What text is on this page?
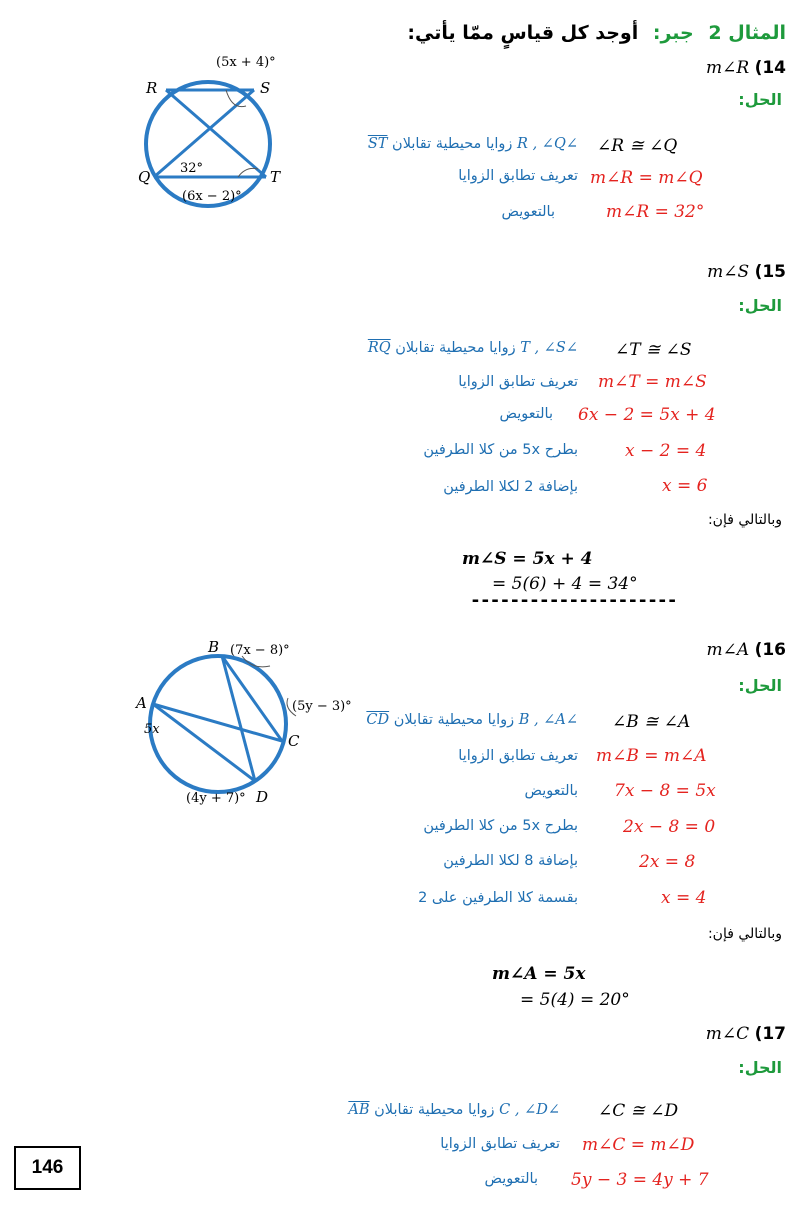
المثال 2 جبر: أوجد كل قياسٍ ممّا يأتي:
m∠R (14
الحل:
R	S
Q	T
(5x + 4)°
32°
(6x − 2)°
∠R ≅ ∠Q
∠R , ∠Q زوايا محيطية تقابلان ST
m∠R = m∠Q
تعريف تطابق الزوايا
m∠R = 32°
بالتعويض
m∠S (15
الحل:
∠T ≅ ∠S
∠T , ∠S زوايا محيطية تقابلان RQ
m∠T = m∠S
تعريف تطابق الزوايا
6x − 2 = 5x + 4
بالتعويض
x − 2 = 4
بطرح 5x من كلا الطرفين
x = 6
بإضافة 2 لكلا الطرفين
وبالتالي فإن:
m∠S = 5x + 4
= 5(6) + 4 = 34°
---------------------
m∠A (16
الحل:
B
A
C
D
(7x − 8)°
(5y − 3)°
5x
(4y + 7)°
∠B ≅ ∠A
∠B , ∠A زوايا محيطية تقابلان CD
m∠B = m∠A
تعريف تطابق الزوايا
7x − 8 = 5x
بالتعويض
2x − 8 = 0
بطرح 5x من كلا الطرفين
2x = 8
بإضافة 8 لكلا الطرفين
x = 4
بقسمة كلا الطرفين على 2
وبالتالي فإن:
m∠A = 5x
= 5(4) = 20°
m∠C (17
الحل:
∠C ≅ ∠D
∠C , ∠D زوايا محيطية تقابلان AB
m∠C = m∠D
تعريف تطابق الزوايا
5y − 3 = 4y + 7
بالتعويض
146
